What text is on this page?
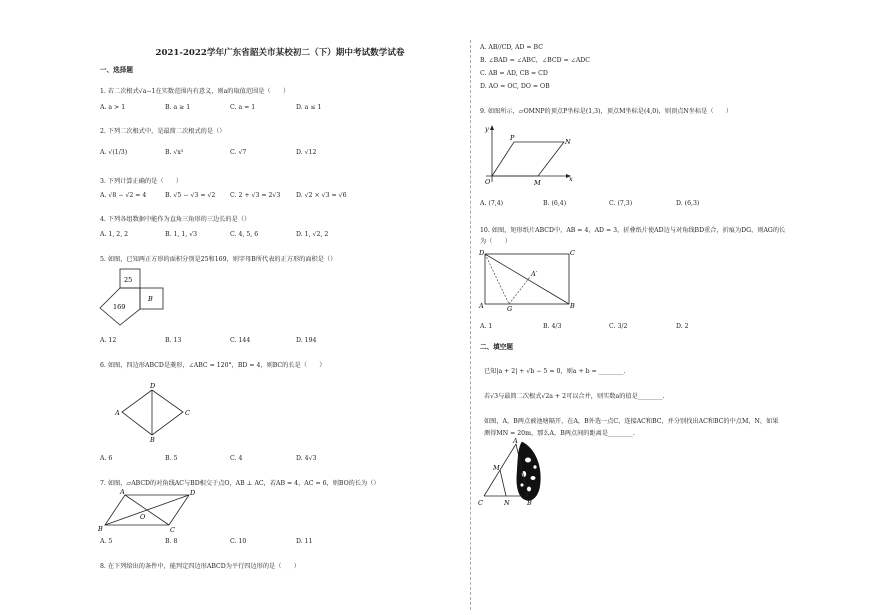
2021-2022学年广东省韶关市某校初二（下）期中考试数学试卷
一、选择题
1. 若二次根式√a−1在实数范围内有意义，则a的取值范围是（　　）
A. a > 1	B. a ≥ 1	C. a = 1	D. a ≤ 1
2. 下列二次根式中，是最简二次根式的是（）
A. √(1/3)	B. √x²	C. √7	D. √12
3. 下列计算正确的是（　　）
A. √8 − √2 = 4	B. √5 − √3 = √2 C. 2 + √3 = 2√3	D. √2 × √3 = √6
4. 下列各组数据中能作为直角三角形的三边长的是（）
A. 1, 2, 2	B. 1, 1, √3	C. 4, 5, 6	D. 1, √2, 2
5. 如图，已知两正方形的面积分别是25和169，则字母B所代表的正方形的面积是（）
25
169
B
A. 12	B. 13	C. 144	D. 194
6. 如图，四边形ABCD是菱形，∠ABC = 120°，BD = 4，则BC的长是（　　）
D
A	C
B
A. 6	B. 5	C. 4	D. 4√3
7. 如图，▱ABCD的对角线AC与BD相交于点O，AB ⊥ AC，若AB = 4，AC = 6，则BO的长为（）
A	D
B	C
O
A. 5	B. 8	C. 10	D. 11
8. 在下列给出的条件中，能判定四边形ABCD为平行四边形的是（　　）
A. AB//CD, AD = BC
B. ∠BAD = ∠ABC，∠BCD = ∠ADC
C. AB = AD, CB = CD
D. AO = OC, DO = OB
9. 如图所示，▱OMNP的顶点P坐标是(1,3)，顶点M坐标是(4,0)，则顶点N坐标是（　　）
y
x
O
P	N
M
A. (7,4)	B. (6,4)	C. (7,3)	D. (6,3)
10. 如图，矩形纸片ABCD中，AB = 4，AD = 3，折叠纸片使AD边与对角线BD重合，折痕为DG，则AG的长
为（　　）
D	C
A	B
G
A′
A. 1	B. 4/3	C. 3/2	D. 2
二、填空题
已知|a + 2| + √b − 5 = 0，则a + b = ________.
若√3与最简二次根式√2a + 2可以合并，则实数a的值是________.
如图，A，B两点被池塘隔开，在A，B外选一点C，连接AC和BC，并分别找出AC和BC的中点M，N，如果
测得MN = 20m，那么A，B两点间的距离是________.
A
M
C	N	B
